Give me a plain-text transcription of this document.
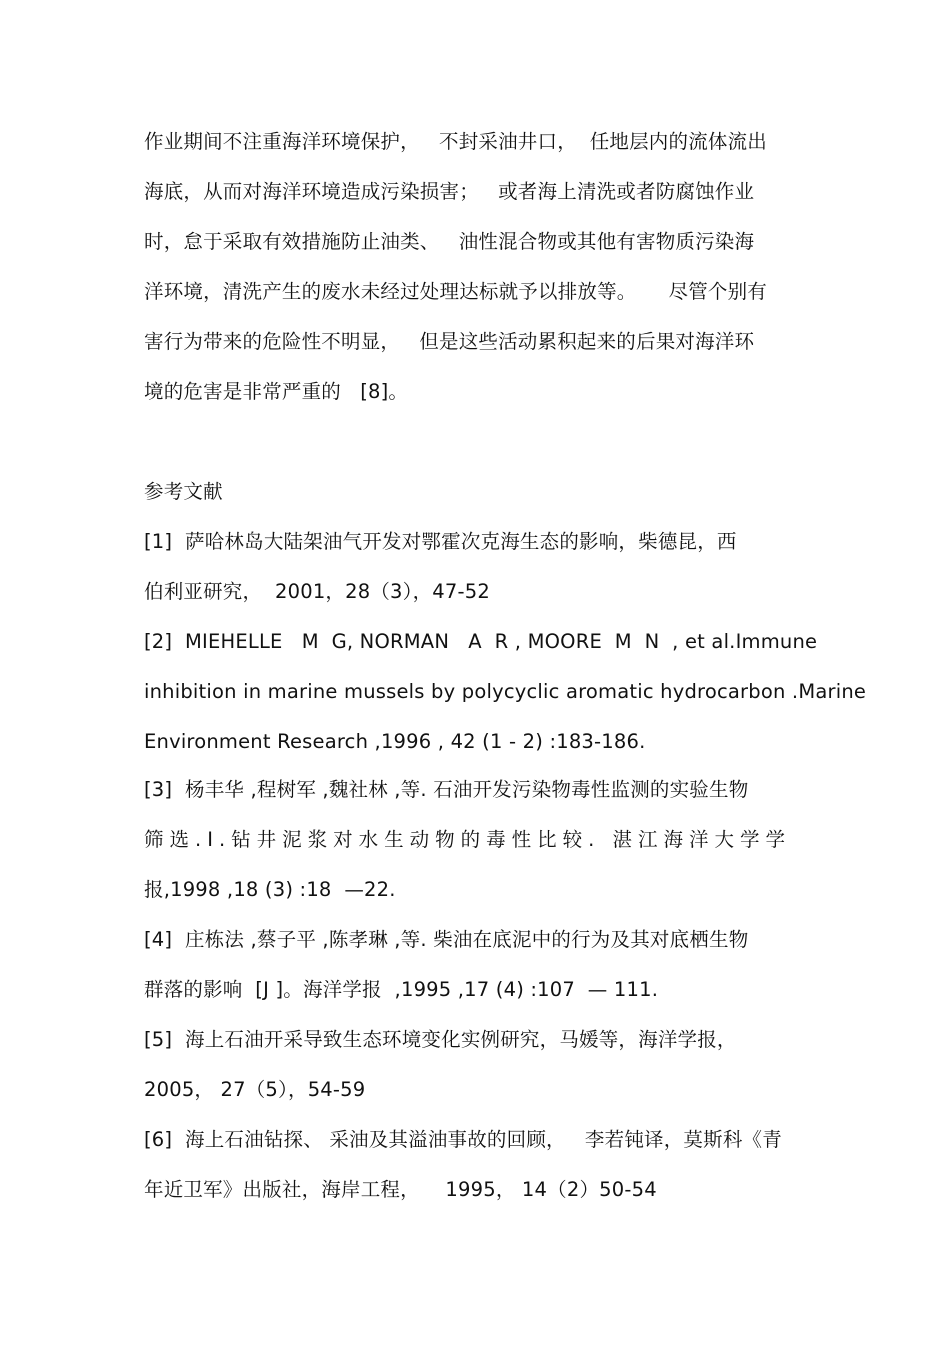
作业期间不注重海洋环境保护，   不封采油井口，  任地层内的流体流出
海底，从而对海洋环境造成污染损害；   或者海上清洗或者防腐蚀作业
时，怠于采取有效措施防止油类、   油性混合物或其他有害物质污染海
洋环境，清洗产生的废水未经过处理达标就予以排放等。     尽管个别有
害行为带来的危险性不明显，   但是这些活动累积起来的后果对海洋环
境的危害是非常严重的   [8]。
参考文献
[1]  萨哈林岛大陆架油气开发对鄂霍次克海生态的影响，柴德昆，西
伯利亚研究，  2001，28（3），47-52
[2]  MIEHELLE   M  G, NORMAN   A  R , MOORE  M  N  , et al.Immune
inhibition in marine mussels by polycyclic aromatic hydrocarbon .Marine
Environment Research ,1996 , 42 (1 - 2) :183-186.
[3]  杨丰华 ,程树军 ,魏社林 ,等. 石油开发污染物毒性监测的实验生物
筛选.Ⅰ.钻井泥浆对水生动物的毒性比较. 湛江海洋大学学
报,1998 ,18 (3) :18  —22.
[4]  庄栋法 ,蔡子平 ,陈孝琳 ,等. 柴油在底泥中的行为及其对底栖生物
群落的影响  [J ]。海洋学报  ,1995 ,17 (4) :107  — 111.
[5]  海上石油开采导致生态环境变化实例研究，马媛等，海洋学报，
2005， 27（5），54-59
[6]  海上石油钻探、 采油及其溢油事故的回顾，   李若钝译，莫斯科《青
年近卫军》出版社，海岸工程，    1995， 14（2）50-54
